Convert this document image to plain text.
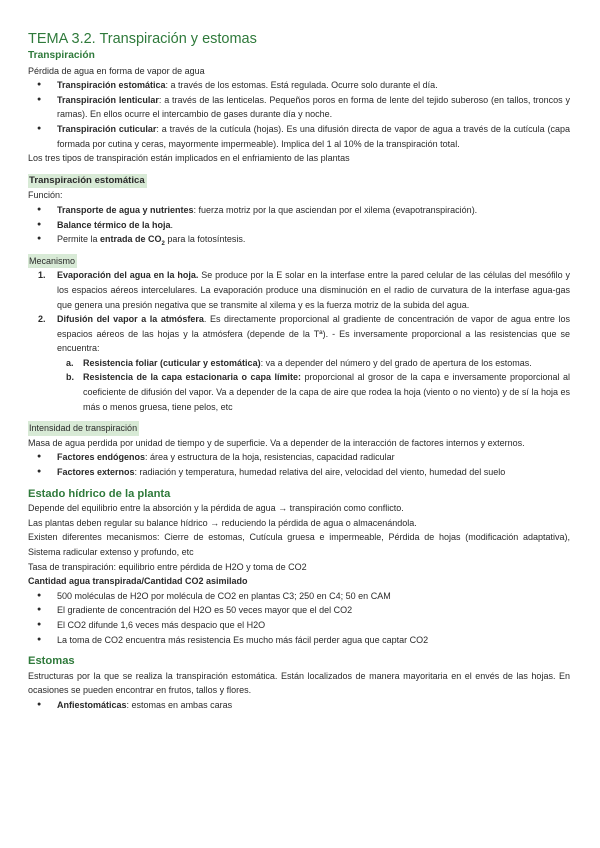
TEMA 3.2. Transpiración y estomas
Transpiración

Pérdida de agua en forma de vapor de agua

● Transpiración estomática: a través de los estomas. Está regulada. Ocurre solo durante el día.
● Transpiración lenticular: a través de las lenticelas. Pequeños poros en forma de lente del tejido suberoso (en tallos, troncos y ramas). En ellos ocurre el intercambio de gases durante día y noche.
● Transpiración cuticular: a través de la cutícula (hojas). Es una difusión directa de vapor de agua a través de la cutícula (capa formada por cutina y ceras, mayormente impermeable). Implica del 1 al 10% de la transpiración total.

Los tres tipos de transpiración están implicados en el enfriamiento de las plantas

Transpiración estomática

Función:

● Transporte de agua y nutrientes: fuerza motriz por la que asciendan por el xilema (evapotranspiración).
● Balance térmico de la hoja.
● Permite la entrada de $CO_2$ para la fotosíntesis.
Mecanismo
1. Evaporación del agua en la hoja. Se produce por la E solar en la interfase entre la pared celular de las células del mesófilo y los espacios aéreos intercelulares. La evaporación produce una disminución en el radio de curvatura de la interfase agua-gas que genera una presión negativa que se transmite al xilema y es la fuerza motriz de la subida del agua.
2. Difusión del vapor a la atmósfera. Es directamente proporcional al gradiente de concentración de vapor de agua entre los espacios aéreos de las hojas y la atmósfera (depende de la Tª). - Es inversamente proporcional a las resistencias que se encuentra:
a. Resistencia foliar (cuticular y estomática): va a depender del número y del grado de apertura de los estomas.
b. Resistencia de la capa estacionaria o capa límite: proporcional al grosor de la capa e inversamente proporcional al coeficiente de difusión del vapor. Va a depender de la capa de aire que rodea la hoja (viento o no viento) y de sí la hoja es más o menos gruesa, tiene pelos, etc
Intensidad de transpiración

Masa de agua perdida por unidad de tiempo y de superficie. Va a depender de la interacción de factores internos y externos.

● Factores endógenos: área y estructura de la hoja, resistencias, capacidad radicular
● Factores externos: radiación y temperatura, humedad relativa del aire, velocidad del viento, humedad del suelo
Estado hídrico de la planta

Depende del equilibrio entre la absorción y la pérdida de agua → transpiración como conflicto.

Las plantas deben regular su balance hídrico → reduciendo la pérdida de agua o almacenándola.

Existen diferentes mecanismos: Cierre de estomas, Cutícula gruesa e impermeable, Pérdida de hojas (modificación adaptativa), Sistema radicular extenso y profundo, etc

Tasa de transpiración: equilibrio entre pérdida de H2O y toma de CO2

Cantidad agua transpirada/Cantidad CO2 asimilado

● 500 moléculas de H2O por molécula de CO2 en plantas C3; 250 en C4; 50 en CAM
● El gradiente de concentración del H2O es 50 veces mayor que el del CO2
● El CO2 difunde 1,6 veces más despacio que el H2O
● La toma de CO2 encuentra más resistencia Es mucho más fácil perder agua que captar CO2
Estomas

Estructuras por la que se realiza la transpiración estomática. Están localizados de manera mayoritaria en el envés de las hojas. En ocasiones se pueden encontrar en frutos, tallos y flores.

● Anfiestomáticas: estomas en ambas caras
